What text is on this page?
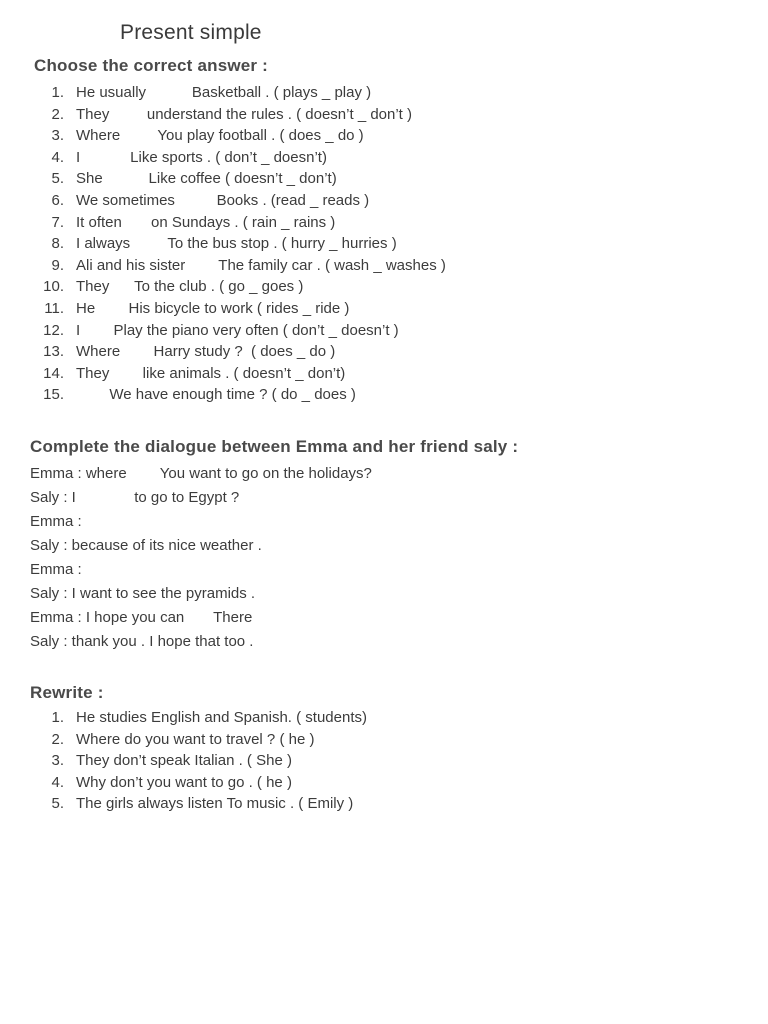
Present simple
Choose the correct answer :
1. He usually           Basketball . ( plays _ play )
2. They         understand the rules . ( doesn’t _ don’t )
3. Where         You play football . ( does _ do )
4. I            Like sports . ( don’t _ doesn’t)
5. She           Like coffee ( doesn’t _ don’t)
6. We sometimes          Books . (read _ reads )
7. It often       on Sundays . ( rain _ rains )
8. I always         To the bus stop . ( hurry _ hurries )
9. Ali and his sister        The family car . ( wash _ washes )
10. They      To the club . ( go _ goes )
11. He        His bicycle to work ( rides _ ride )
12. I        Play the piano very often ( don’t _ doesn’t )
13. Where        Harry study ?  ( does _ do )
14. They        like animals . ( doesn’t _ don’t)
15. We have enough time ? ( do _ does )
Complete the dialogue between Emma and her friend saly :
Emma : where        You want to go on the holidays?
Saly : I              to go to Egypt ?
Emma :
Saly : because of its nice weather .
Emma :
Saly : I want to see the pyramids .
Emma : I hope you can       There
Saly : thank you . I hope that too .
Rewrite :
1. He studies English and Spanish. ( students)
2. Where do you want to travel ? ( he )
3. They don’t speak Italian . ( She )
4. Why don’t you want to go . ( he )
5. The girls always listen To music . ( Emily )
